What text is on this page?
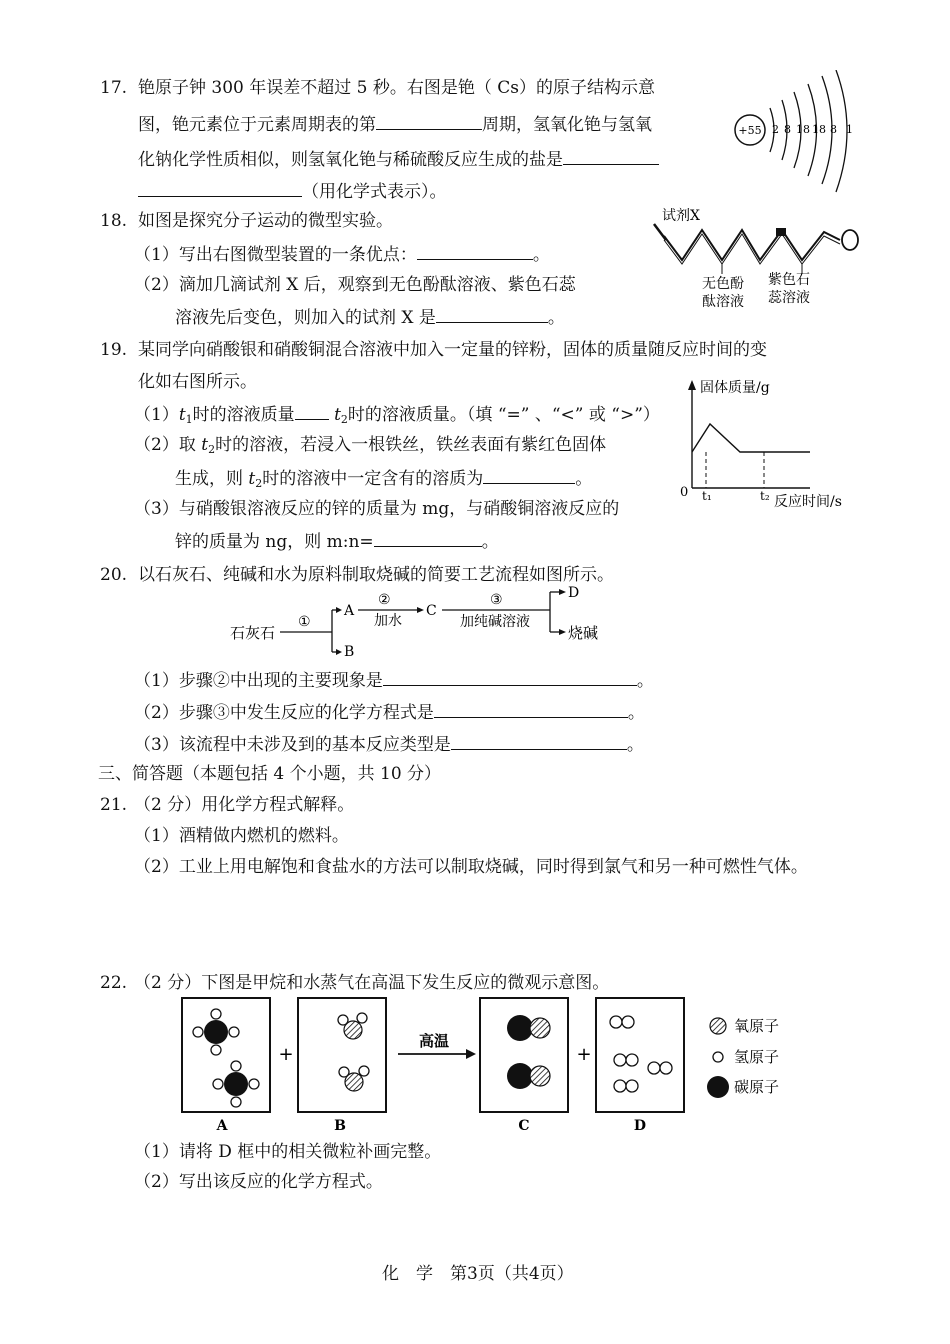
17. 铯原子钟 300 年误差不超过 5 秒。右图是铯（ Cs）的原子结构示意
图，铯元素位于元素周期表的第	周期，氢氧化铯与氢氧
化钠化学性质相似，则氢氧化铯与稀硫酸反应生成的盐是
（用化学式表示）。
+55 2 8 18 18 8 1
18. 如图是探究分子运动的微型实验。
（1）写出右图微型装置的一条优点：	。
（2）滴加几滴试剂 X 后，观察到无色酚酞溶液、紫色石蕊
溶液先后变色，则加入的试剂 X 是	。
试剂X
无色酚
酞溶液
紫色石
蕊溶液
19. 某同学向硝酸银和硝酸铜混合溶液中加入一定量的锌粉，固体的质量随反应时间的变
化如右图所示。
$(1)t_1$时的溶液质量 $t_2$时的溶液质量。（填 “=” 、“<” 或 “>”）
（2）取 $t_2$时的溶液，若浸入一根铁丝，铁丝表面有紫红色固体
生成，则 $t_2$时的溶液中一定含有的溶质为	。
（3）与硝酸银溶液反应的锌的质量为 mg，与硝酸铜溶液反应的
锌的质量为 ng，则 m:n=	。
固体质量/g
0 t₁	t₂ 反应时间/s
20. 以石灰石、纯碱和水为原料制取烧碱的简要工艺流程如图所示。
石灰石
①
A
B
②
加水
C
③
加纯碱溶液
D
烧碱
（1）步骤②中出现的主要现象是	。
（2）步骤③中发生反应的化学方程式是	。
（3）该流程中未涉及到的基本反应类型是	。
三、简答题（本题包括 4 个小题，共 10 分）
21. （2 分）用化学方程式解释。
（1）酒精做内燃机的燃料。
（2）工业上用电解饱和食盐水的方法可以制取烧碱，同时得到氯气和另一种可燃性气体。
22. （2 分）下图是甲烷和水蒸气在高温下发生反应的微观示意图。
A
+
B
高温
C
+
D
氧原子
氢原子
碳原子
（1）请将 D 框中的相关微粒补画完整。
（2）写出该反应的化学方程式。
化　学　第3页（共4页）
